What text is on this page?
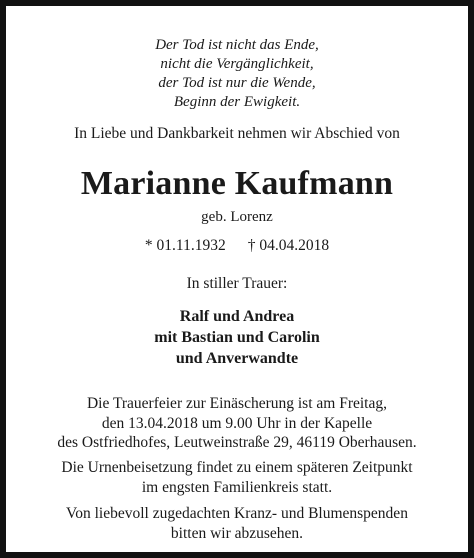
Der Tod ist nicht das Ende,
nicht die Vergänglichkeit,
der Tod ist nur die Wende,
Beginn der Ewigkeit.
In Liebe und Dankbarkeit nehmen wir Abschied von
Marianne Kaufmann
geb. Lorenz
* 01.11.1932 † 04.04.2018
In stiller Trauer:
Ralf und Andrea
mit Bastian und Carolin
und Anverwandte
Die Trauerfeier zur Einäscherung ist am Freitag,
den 13.04.2018 um 9.00 Uhr in der Kapelle
des Ostfriedhofes, Leutweinstraße 29, 46119 Oberhausen.
Die Urnenbeisetzung findet zu einem späteren Zeitpunkt
im engsten Familienkreis statt.
Von liebevoll zugedachten Kranz- und Blumenspenden
bitten wir abzusehen.
